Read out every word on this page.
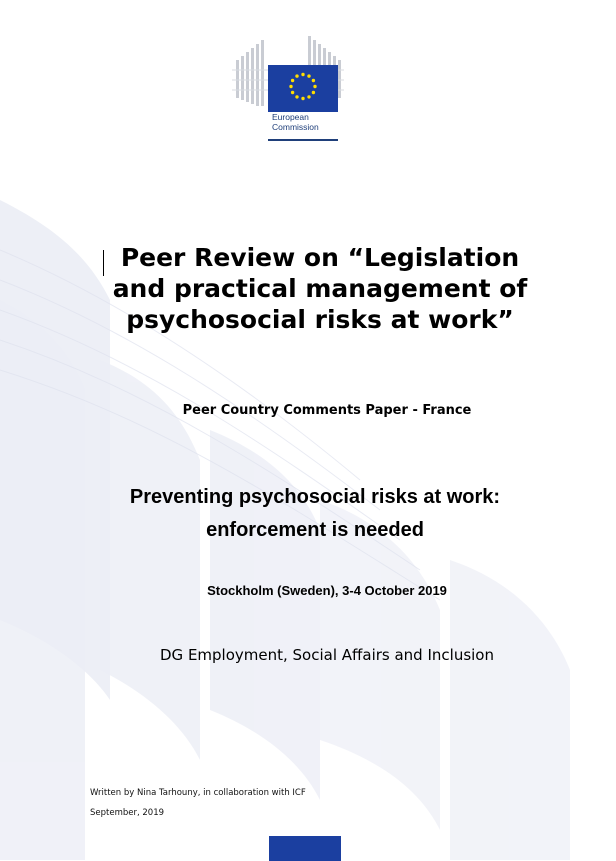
European
Commission
Peer Review on “Legislation
and practical management of
psychosocial risks at work”
Peer Country Comments Paper - France
Preventing psychosocial risks at work:
enforcement is needed
Stockholm (Sweden), 3-4 October 2019
DG Employment, Social Affairs and Inclusion
Written by Nina Tarhouny, in collaboration with ICF
September, 2019
